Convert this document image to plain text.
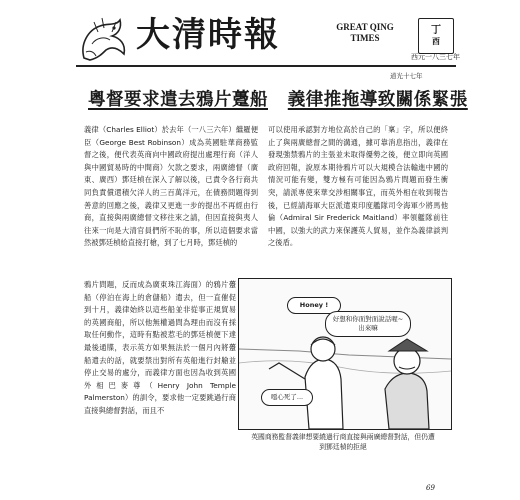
大清時報	GREAT QING
TIMES
丁
酉
西元一八三七年
道光十七年
粵督要求遣去鴉片躉船 義律推拖導致關係緊張
義律（Charles Elliot）於去年（一八三六年）繼羅便臣（George Best Robinson）成為英國駐華商務監督之後，便代表英商向中國政府提出處理行商（洋人與中國貿易時的中間商）欠款之要求，兩廣總督（廣東、廣西）鄧廷楨在深入了解以後，已責令各行商共同負責償還積欠洋人的三百萬洋元，在債務問題得到善意的回應之後，義律又更進一步的提出不再經由行商，直接與兩廣總督文移往來之請，但因直接與夷人往來一向是大清官員們所不恥的事，所以這個要求當然被鄧廷楨給直接打槍，到了七月時，鄧廷楨的
可以使用承認對方地位高於自己的「稟」字，所以便終止了與兩廣總督之間的溝通，據可靠消息指出，義律在發現強禁鴉片的主張並未取得優勢之後，便立即向英國政府回報，說原本期待鴉片可以大規模合法輸進中國的情況可能有變，雙方極有可能因為鴉片問題而發生衝突，請派專使來華交涉相關事宜，而英外相在收到報告後，已經請海軍大臣派遣東印度艦隊司令海軍少將馬他倫（Admiral Sir Frederick Maitland）率領艦隊前往中國，以強大的武力來保護英人貿易，並作為義律談判之後盾。
鴉片問題，反而成為廣東珠江海面）的鴉片躉船（停泊在海上的倉儲船）遣去，但一直催促到十月，義律始終以這些船並非從事正規貿易的英國商船，所以他無權過問為理由而沒有採取任何動作，這時有點被惹毛的鄧廷楨便下達最後通牒，表示英方如果無法於一個月內將躉船遣去的話，就要禁出對所有英船進行封艙並停止交易的處分，而義律方面也因為收到英國外相巴麥尊（Henry John Temple Palmerston）的訓令，要求他一定要跳過行商直接與總督對話，而且不
Honey !
好想和你面對面說話喔~出來嘛
噁心死了...
英國商務監督義律想要繞過行商直接與兩廣總督對話，但仍遭到鄧廷楨的拒絕
69
